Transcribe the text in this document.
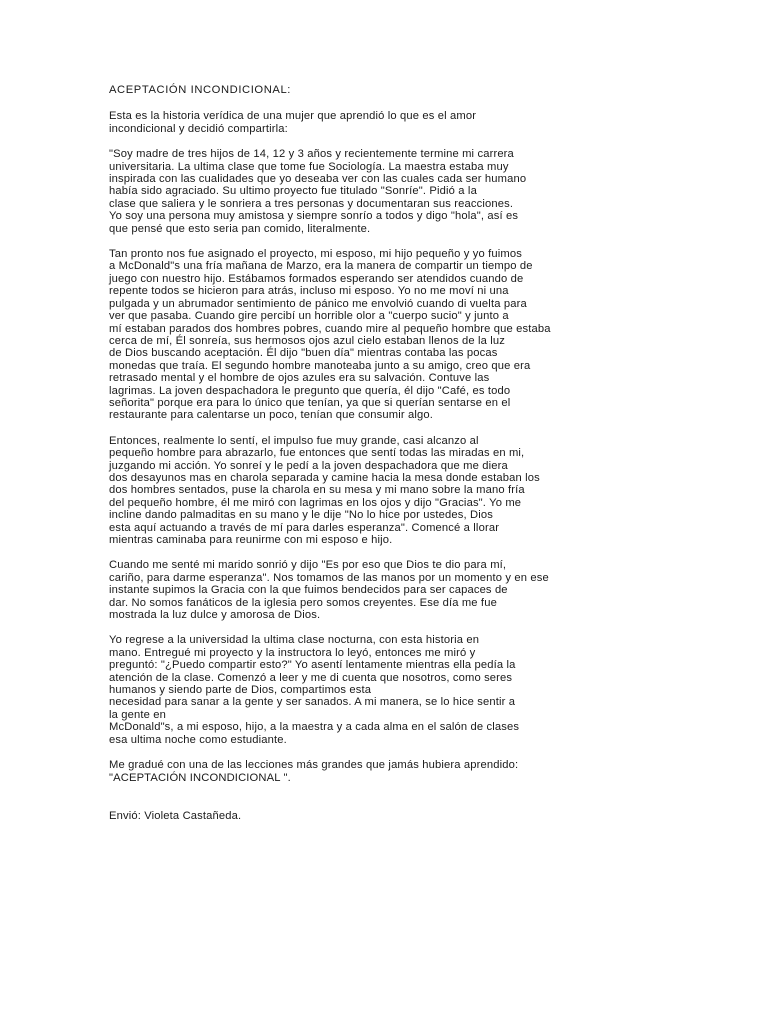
ACEPTACIÓN INCONDICIONAL:
Esta es la historia verídica de una mujer que aprendió lo que es el amor
incondicional y decidió compartirla:
"Soy madre de tres hijos de 14, 12 y 3 años y recientemente termine mi carrera
universitaria. La ultima clase que tome fue Sociología. La maestra estaba muy
inspirada con las cualidades que yo deseaba ver con las cuales cada ser humano
había sido agraciado. Su ultimo proyecto fue titulado "Sonríe". Pidió a la
clase que saliera y le sonriera a tres personas y documentaran sus reacciones.
Yo soy una persona muy amistosa y siempre sonrío a todos y digo "hola", así es
que pensé que esto seria pan comido, literalmente.
Tan pronto nos fue asignado el proyecto, mi esposo, mi hijo pequeño y yo fuimos
a McDonald"s una fría mañana de Marzo, era la manera de compartir un tiempo de
juego con nuestro hijo. Estábamos formados esperando ser atendidos cuando de
repente todos se hicieron para atrás, incluso mi esposo. Yo no me moví ni una
pulgada y un abrumador sentimiento de pánico me envolvió cuando di vuelta para
ver que pasaba. Cuando gire percibí un horrible olor a "cuerpo sucio" y junto a
mí estaban parados dos hombres pobres, cuando mire al pequeño hombre que estaba
cerca de mí, Él sonreía, sus hermosos ojos azul cielo estaban llenos de la luz
de Dios buscando aceptación. Él dijo "buen día" mientras contaba las pocas
monedas que traía. El segundo hombre manoteaba junto a su amigo, creo que era
retrasado mental y el hombre de ojos azules era su salvación. Contuve las
lagrimas. La joven despachadora le pregunto que quería, él dijo "Café, es todo
señorita" porque era para lo único que tenían, ya que si querían sentarse en el
restaurante para calentarse un poco, tenían que consumir algo.
Entonces, realmente lo sentí, el impulso fue muy grande, casi alcanzo al
pequeño hombre para abrazarlo, fue entonces que sentí todas las miradas en mi,
juzgando mi acción. Yo sonreí y le pedí a la joven despachadora que me diera
dos desayunos mas en charola separada y camine hacia la mesa donde estaban los
dos hombres sentados, puse la charola en su mesa y mi mano sobre la mano fría
del pequeño hombre, él me miró con lagrimas en los ojos y dijo "Gracias". Yo me
incline dando palmaditas en su mano y le dije "No lo hice por ustedes, Dios
esta aquí actuando a través de mí para darles esperanza". Comencé a llorar
mientras caminaba para reunirme con mi esposo e hijo.
Cuando me senté mi marido sonrió y dijo "Es por eso que Dios te dio para mí,
cariño, para darme esperanza". Nos tomamos de las manos por un momento y en ese
instante supimos la Gracia con la que fuimos bendecidos para ser capaces de
dar. No somos fanáticos de la iglesia pero somos creyentes. Ese día me fue
mostrada la luz dulce y amorosa de Dios.
Yo regrese a la universidad la ultima clase nocturna, con esta historia en
mano. Entregué mi proyecto y la instructora lo leyó, entonces me miró y
preguntó: "¿Puedo compartir esto?" Yo asentí lentamente mientras ella pedía la
atención de la clase. Comenzó a leer y me di cuenta que nosotros, como seres
humanos y siendo parte de Dios, compartimos esta
necesidad para sanar a la gente y ser sanados. A mi manera, se lo hice sentir a
la gente en
McDonald"s, a mi esposo, hijo, a la maestra y a cada alma en el salón de clases
esa ultima noche como estudiante.
Me gradué con una de las lecciones más grandes que jamás hubiera aprendido:
"ACEPTACIÓN INCONDICIONAL ".
Envió: Violeta Castañeda.
